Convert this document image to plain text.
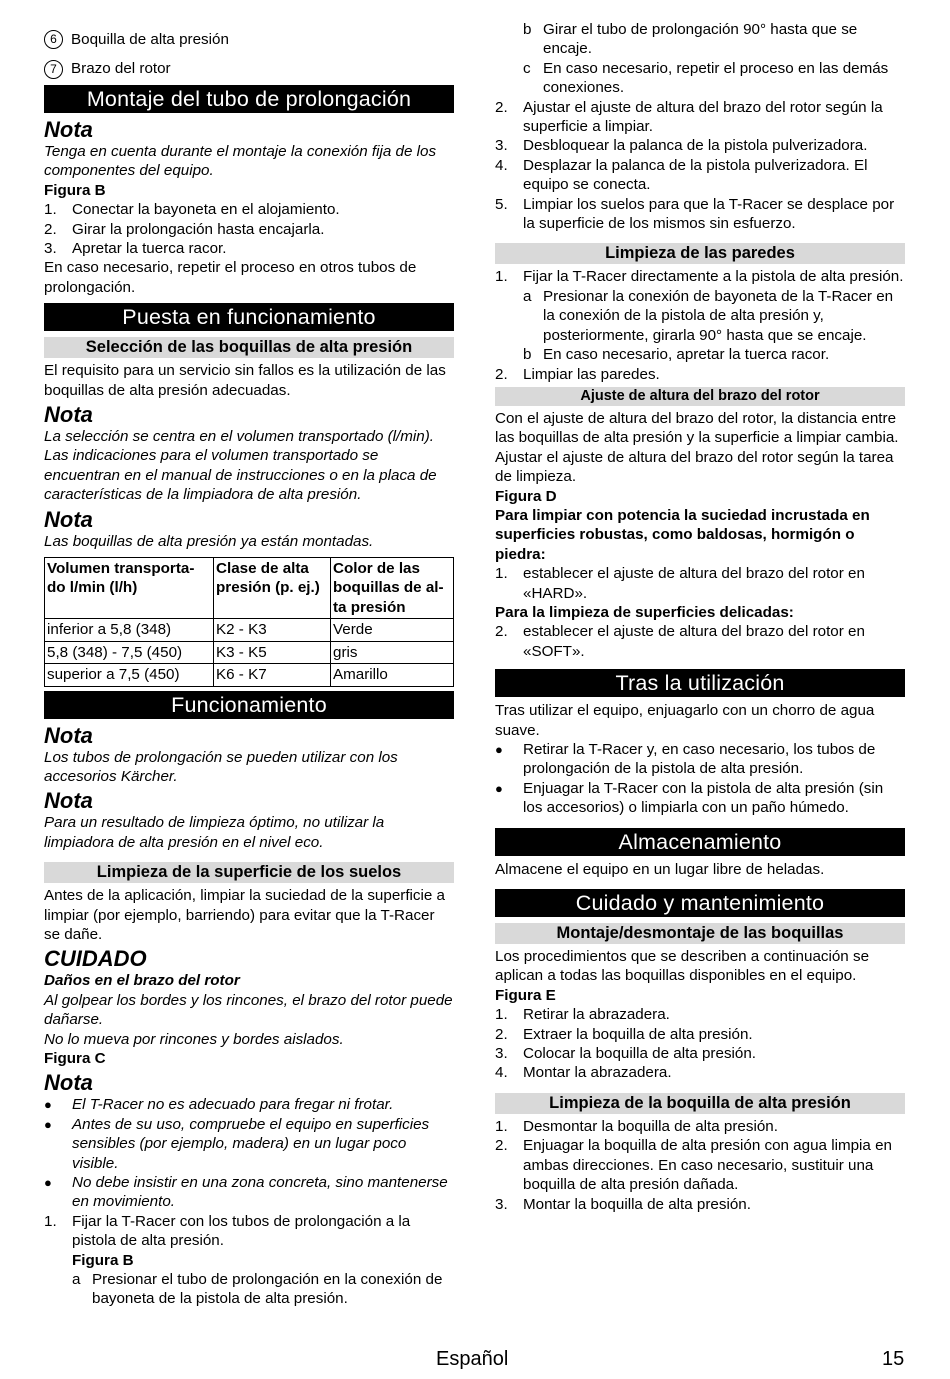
6 Boquilla de alta presión

7 Brazo del rotor

Montaje del tubo de prolongación
Nota

Tenga en cuenta durante el montaje la conexión fija de los componentes del equipo.

Figura B

1.	Conectar la bayoneta en el alojamiento.
2.	Girar la prolongación hasta encajarla.
3.	Apretar la tuerca racor.

En caso necesario, repetir el proceso en otros tubos de prolongación.

Puesta en funcionamiento
Selección de las boquillas de alta presión

El requisito para un servicio sin fallos es la utilización de las boquillas de alta presión adecuadas.

Nota

La selección se centra en el volumen transportado (l/min). Las indicaciones para el volumen transportado se encuentran en el manual de instrucciones o en la placa de características de la limpiadora de alta presión.

Nota

Las boquillas de alta presión ya están montadas.

Volumen transporta-do l/min (l/h)	Clase de alta presión (p. ej.)	Color de las boquillas de al-ta presión
inferior a 5,8 (348)	K2 - K3	Verde
5,8 (348) - 7,5 (450)	K3 - K5	gris
superior a 7,5 (450)	K6 - K7	Amarillo
Funcionamiento
Nota

Los tubos de prolongación se pueden utilizar con los accesorios Kärcher.

Nota

Para un resultado de limpieza óptimo, no utilizar la limpiadora de alta presión en el nivel eco.

Limpieza de la superficie de los suelos

Antes de la aplicación, limpiar la suciedad de la superficie a limpiar (por ejemplo, barriendo) para evitar que la T-Racer se dañe.

CUIDADO

Daños en el brazo del rotor

Al golpear los bordes y los rincones, el brazo del rotor puede dañarse.

No lo mueva por rincones y bordes aislados.

Figura C

Nota
●	El T-Racer no es adecuado para fregar ni frotar.
●	Antes de su uso, compruebe el equipo en superficies sensibles (por ejemplo, madera) en un lugar poco visible.
●	No debe insistir en una zona concreta, sino mantenerse en movimiento.
1.	Fijar la T-Racer con los tubos de prolongación a la pistola de alta presión.

Figura B

a Presionar el tubo de prolongación en la conexión de bayoneta de la pistola de alta presión.
b Girar el tubo de prolongación 90° hasta que se encaje.
c En caso necesario, repetir el proceso en las demás conexiones.
2.	Ajustar el ajuste de altura del brazo del rotor según la superficie a limpiar.
3.	Desbloquear la palanca de la pistola pulverizadora.
4.	Desplazar la palanca de la pistola pulverizadora. El equipo se conecta.
5.	Limpiar los suelos para que la T-Racer se desplace por la superficie de los mismos sin esfuerzo.
Limpieza de las paredes
1.	Fijar la T-Racer directamente a la pistola de alta presión.
a Presionar la conexión de bayoneta de la T-Racer en la conexión de la pistola de alta presión y, posteriormente, girarla 90° hasta que se encaje.
b En caso necesario, apretar la tuerca racor.
2.	Limpiar las paredes.
Ajuste de altura del brazo del rotor

Con el ajuste de altura del brazo del rotor, la distancia entre las boquillas de alta presión y la superficie a limpiar cambia.

Ajustar el ajuste de altura del brazo del rotor según la tarea de limpieza.

Figura D

Para limpiar con potencia la suciedad incrustada en superficies robustas, como baldosas, hormigón o piedra:

1.	establecer el ajuste de altura del brazo del rotor en «HARD».

Para la limpieza de superficies delicadas:

2.	establecer el ajuste de altura del brazo del rotor en «SOFT».
Tras la utilización

Tras utilizar el equipo, enjuagarlo con un chorro de agua suave.

●	Retirar la T-Racer y, en caso necesario, los tubos de prolongación de la pistola de alta presión.
●	Enjuagar la T-Racer con la pistola de alta presión (sin los accesorios) o limpiarla con un paño húmedo.
Almacenamiento

Almacene el equipo en un lugar libre de heladas.

Cuidado y mantenimiento
Montaje/desmontaje de las boquillas

Los procedimientos que se describen a continuación se aplican a todas las boquillas disponibles en el equipo.

Figura E

1.	Retirar la abrazadera.
2.	Extraer la boquilla de alta presión.
3.	Colocar la boquilla de alta presión.
4.	Montar la abrazadera.
Limpieza de la boquilla de alta presión
1.	Desmontar la boquilla de alta presión.
2.	Enjuagar la boquilla de alta presión con agua limpia en ambas direcciones. En caso necesario, sustituir una boquilla de alta presión dañada.
3.	Montar la boquilla de alta presión.
Español	15
